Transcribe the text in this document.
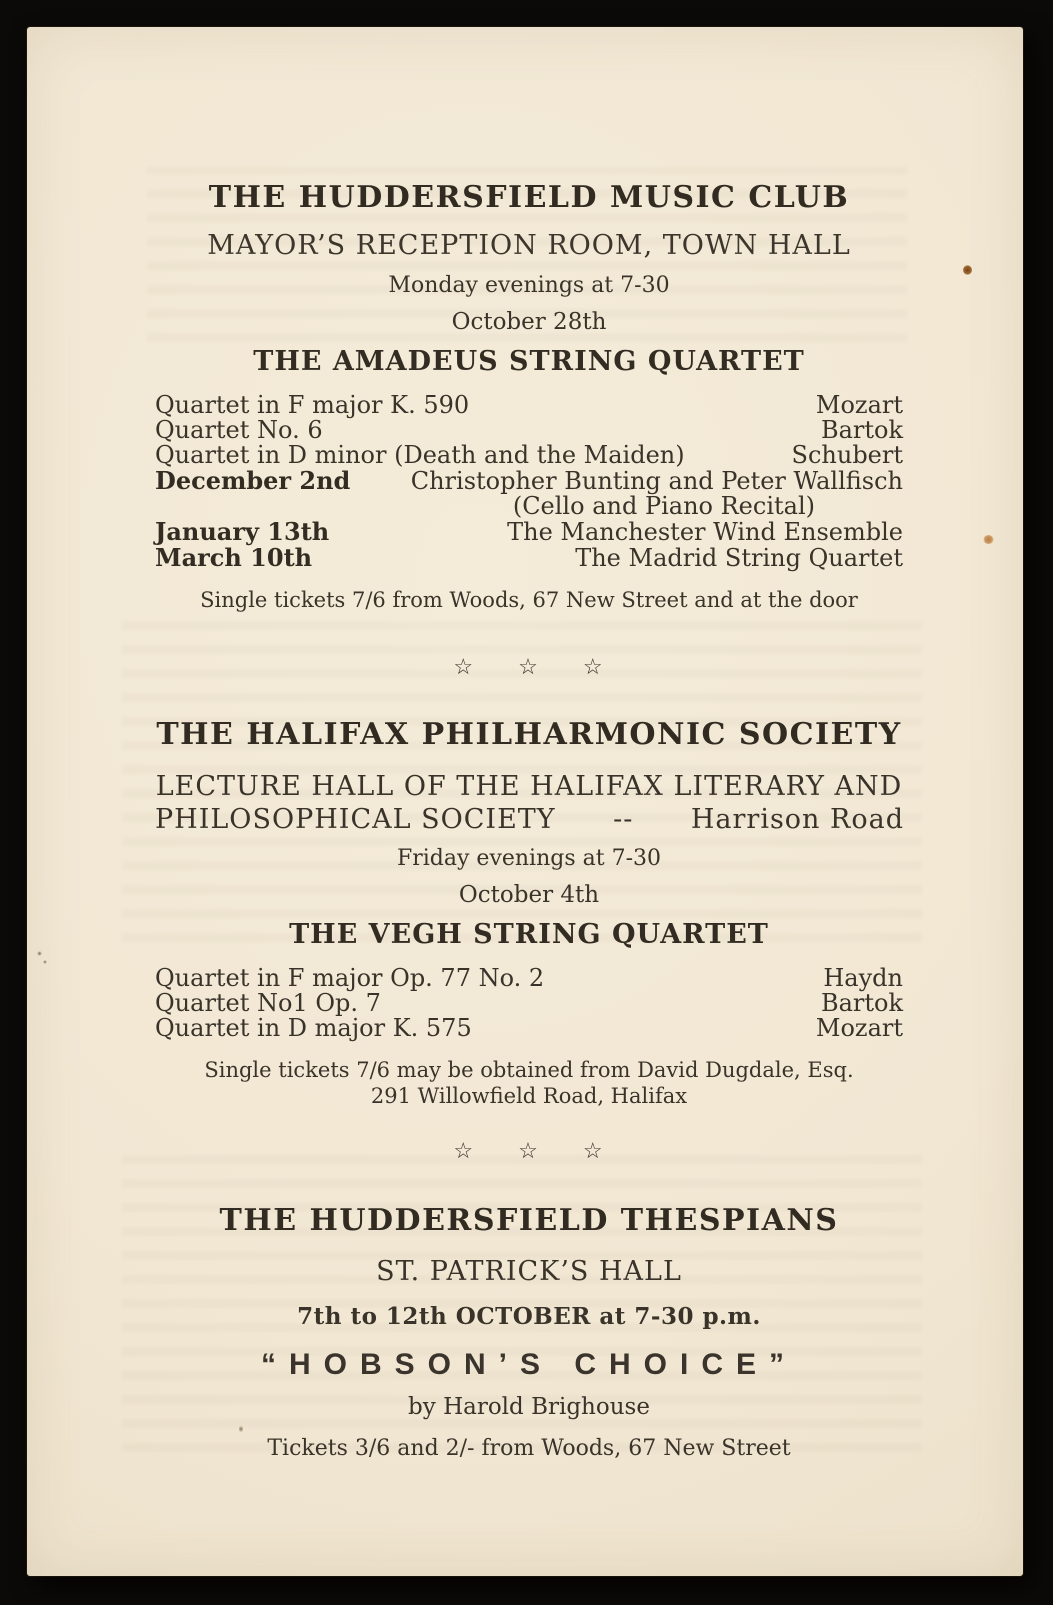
THE HUDDERSFIELD MUSIC CLUB
MAYOR’S RECEPTION ROOM, TOWN HALL
Monday evenings at 7-30
October 28th
THE AMADEUS STRING QUARTET
Quartet in F major K. 590	Mozart
Quartet No. 6	Bartok
Quartet in D minor (Death and the Maiden)	Schubert
December 2nd	Christopher Bunting and Peter Wallfisch
(Cello and Piano Recital)
January 13th	The Manchester Wind Ensemble
March 10th	The Madrid String Quartet
Single tickets 7/6 from Woods, 67 New Street and at the door
☆ ☆ ☆
THE HALIFAX PHILHARMONIC SOCIETY
LECTURE HALL OF THE HALIFAX LITERARY AND
PHILOSOPHICAL SOCIETY      --      Harrison Road
Friday evenings at 7-30
October 4th
THE VEGH STRING QUARTET
Quartet in F major Op. 77 No. 2	Haydn
Quartet No1 Op. 7	Bartok
Quartet in D major K. 575	Mozart
Single tickets 7/6 may be obtained from David Dugdale, Esq.
291 Willowfield Road, Halifax
☆ ☆ ☆
THE HUDDERSFIELD THESPIANS
ST. PATRICK’S HALL
7th to 12th OCTOBER at 7-30 p.m.
“HOBSON’S CHOICE”
by Harold Brighouse
Tickets 3/6 and 2/- from Woods, 67 New Street
